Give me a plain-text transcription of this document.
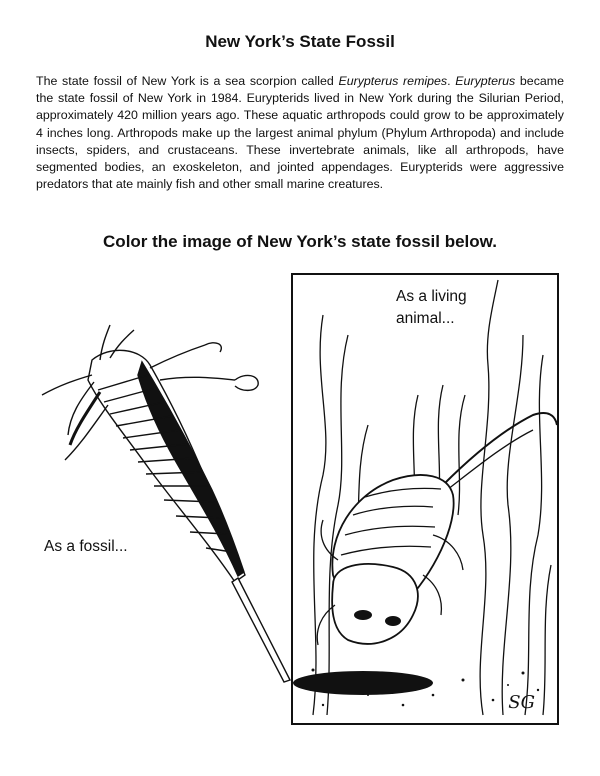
New York’s State Fossil

The state fossil of New York is a sea scorpion called Eurypterus remipes. Eurypterus became the state fossil of New York in 1984. Eurypterids lived in New York during the Silurian Period, approximately 420 million years ago. These aquatic arthropods could grow to be approximately 4 inches long. Arthropods make up the largest animal phylum (Phylum Arthropoda) and include insects, spiders, and crustaceans. These invertebrate animals, like all arthropods, have segmented bodies, an exoskeleton, and jointed appendages. Eurypterids were aggressive predators that ate mainly fish and other small marine creatures.

Color the image of New York’s state fossil below.
As a fossil...
As a living
animal...
SG
